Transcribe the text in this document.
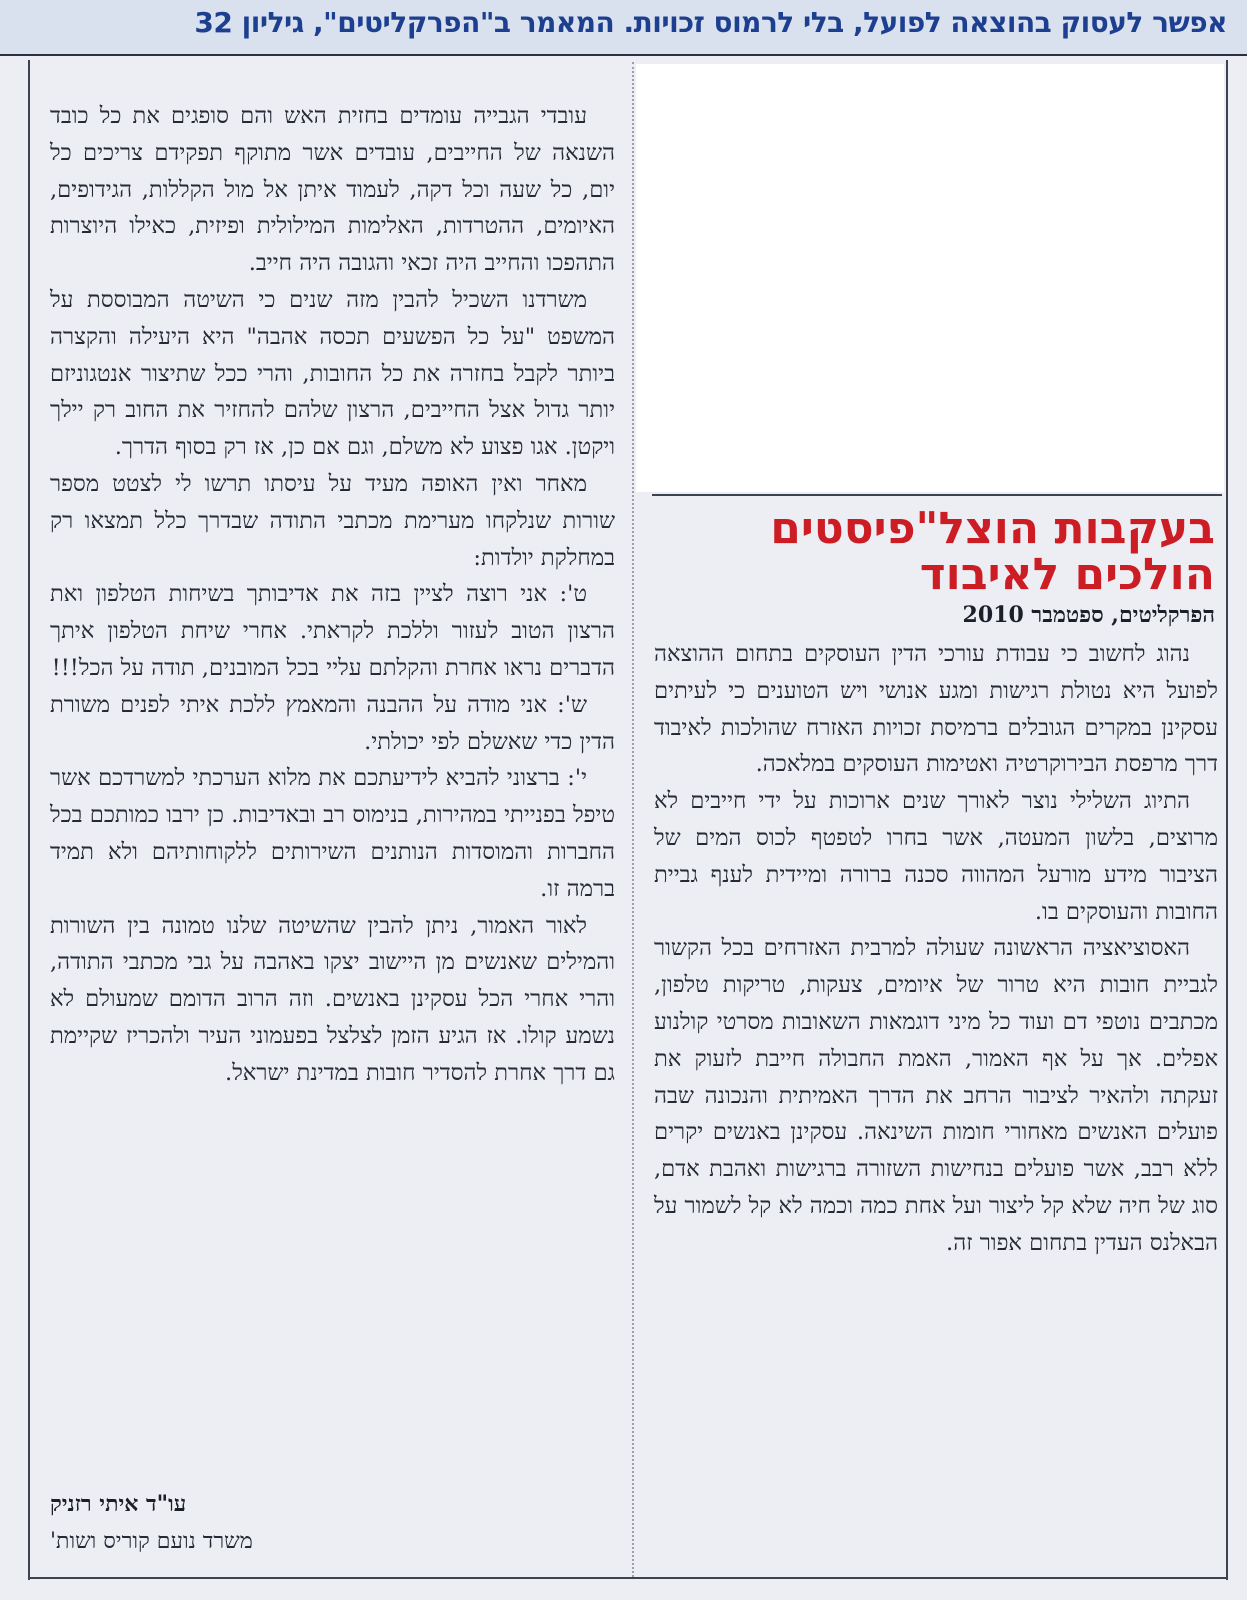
אפשר לעסוק בהוצאה לפועל, בלי לרמוס זכויות. המאמר ב"הפרקליטים", גיליון 32
בעקבות הוצל"פיסטים
הולכים לאיבוד
הפרקליטים, ספטמבר 2010

נהוג לחשוב כי עבודת עורכי הדין העוסקים בתחום ההוצאה לפועל היא נטולת רגישות ומגע אנושי ויש הטוענים כי לעיתים עסקינן במקרים הגובלים ברמיסת זכויות האזרח שהולכות לאיבוד דרך מרפסת הבירוקרטיה ואטימות העוסקים במלאכה.

התיוג השלילי נוצר לאורך שנים ארוכות על ידי חייבים לא מרוצים, בלשון המעטה, אשר בחרו לטפטף לכוס המים של הציבור מידע מורעל המהווה סכנה ברורה ומיידית לענף גביית החובות והעוסקים בו.

האסוציאציה הראשונה שעולה למרבית האזרחים בכל הקשור לגביית חובות היא טרור של איומים, צעקות, טריקות טלפון, מכתבים נוטפי דם ועוד כל מיני דוגמאות השאובות מסרטי קולנוע אפלים. אך על אף האמור, האמת החבולה חייבת לזעוק את זעקתה ולהאיר לציבור הרחב את הדרך האמיתית והנכונה שבה פועלים האנשים מאחורי חומות השינאה. עסקינן באנשים יקרים ללא רבב, אשר פועלים בנחישות השזורה ברגישות ואהבת אדם, סוג של חיה שלא קל ליצור ועל אחת כמה וכמה לא קל לשמור על הבאלנס העדין בתחום אפור זה.

עובדי הגבייה עומדים בחזית האש והם סופגים את כל כובד השנאה של החייבים, עובדים אשר מתוקף תפקידם צריכים כל יום, כל שעה וכל דקה, לעמוד איתן אל מול הקללות, הגידופים, האיומים, ההטרדות, האלימות המילולית ופיזית, כאילו היוצרות התהפכו והחייב היה זכאי והגובה היה חייב.

משרדנו השכיל להבין מזה שנים כי השיטה המבוססת על המשפט "על כל הפשעים תכסה אהבה" היא היעילה והקצרה ביותר לקבל בחזרה את כל החובות, והרי ככל שתיצור אנטגוניזם יותר גדול אצל החייבים, הרצון שלהם להחזיר את החוב רק יילך ויקטן. אגו פצוע לא משלם, וגם אם כן, אז רק בסוף הדרך.

מאחר ואין האופה מעיד על עיסתו תרשו לי לצטט מספר שורות שנלקחו מערימת מכתבי התודה שבדרך כלל תמצאו רק במחלקת יולדות:

ט': אני רוצה לציין בזה את אדיבותך בשיחות הטלפון ואת הרצון הטוב לעזור וללכת לקראתי. אחרי שיחת הטלפון איתך הדברים נראו אחרת והקלתם עליי בכל המובנים, תודה על הכל!!!

ש': אני מודה על ההבנה והמאמץ ללכת איתי לפנים משורת הדין כדי שאשלם לפי יכולתי.

י': ברצוני להביא לידיעתכם את מלוא הערכתי למשרדכם אשר טיפל בפנייתי במהירות, בנימוס רב ובאדיבות. כן ירבו כמותכם בכל החברות והמוסדות הנותנים השירותים ללקוחותיהם ולא תמיד ברמה זו.

לאור האמור, ניתן להבין שהשיטה שלנו טמונה בין השורות והמילים שאנשים מן היישוב יצקו באהבה על גבי מכתבי התודה, והרי אחרי הכל עסקינן באנשים. וזה הרוב הדומם שמעולם לא נשמע קולו. אז הגיע הזמן לצלצל בפעמוני העיר ולהכריז שקיימת גם דרך אחרת להסדיר חובות במדינת ישראל.

עו"ד איתי רזניק
משרד נועם קוריס ושות'
